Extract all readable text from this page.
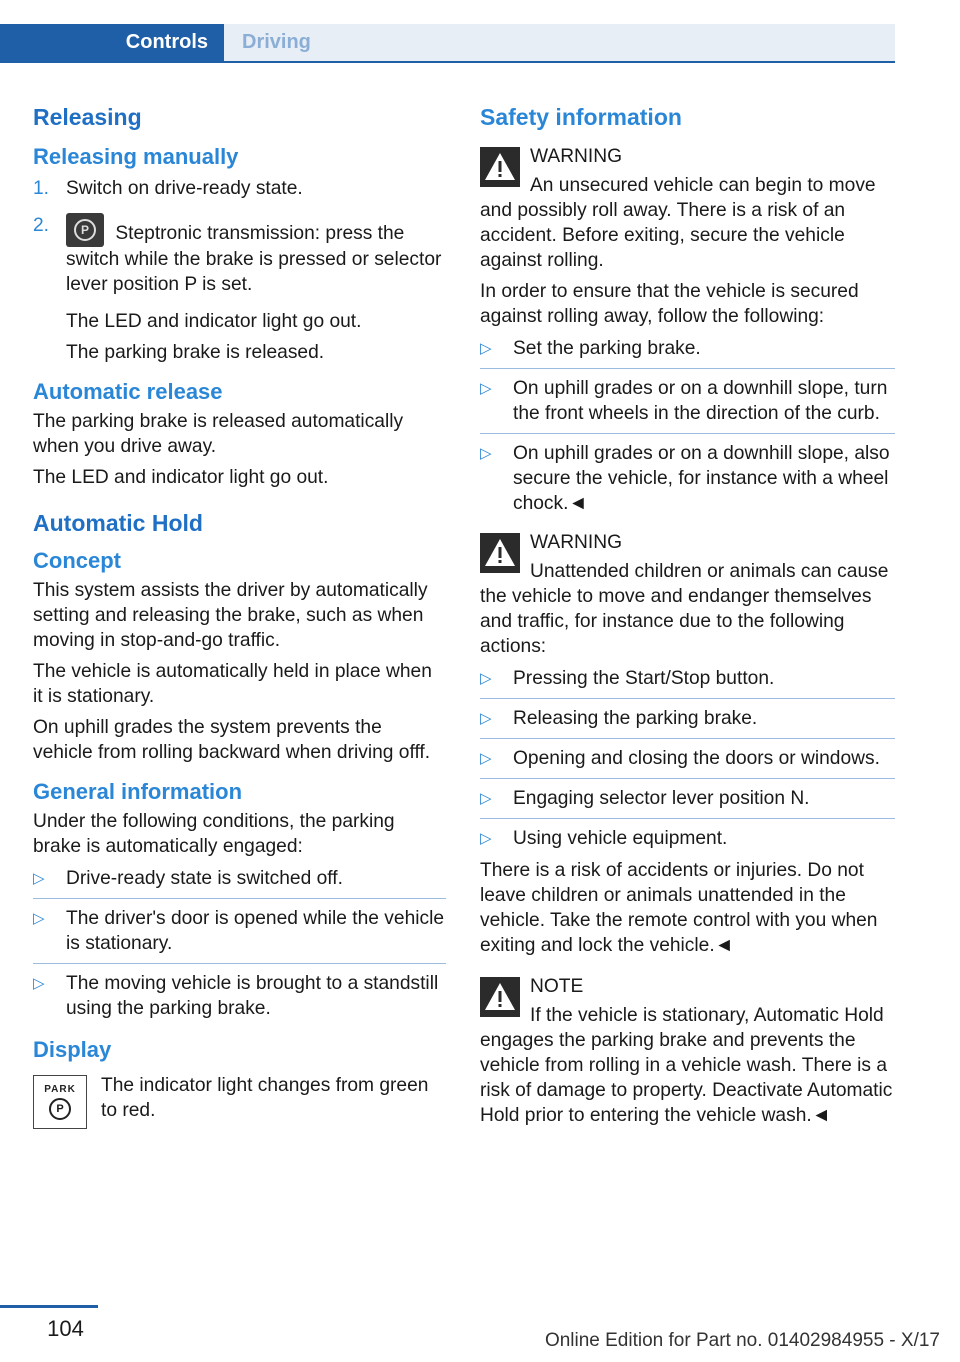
Controls	Driving
Releasing
Releasing manually
1. Switch on drive-ready state.
2.	P	Steptronic transmission: press the switch while the brake is pressed or selector lever position P is set.
The LED and indicator light go out.
The parking brake is released.
Automatic release

The parking brake is released automatically when you drive away.

The LED and indicator light go out.

Automatic Hold
Concept

This system assists the driver by automatically setting and releasing the brake, such as when moving in stop-and-go traffic.

The vehicle is automatically held in place when it is stationary.

On uphill grades the system prevents the vehicle from rolling backward when driving offf.

General information

Under the following conditions, the parking brake is automatically engaged:

▷ Drive-ready state is switched off.
▷ The driver's door is opened while the vehicle is stationary.
▷ The moving vehicle is brought to a standstill using the parking brake.
Display
PARK
P
The indicator light changes from green to red.
Safety information
WARNING
An unsecured vehicle can begin to move and possibly roll away. There is a risk of an accident. Before exiting, secure the vehicle against rolling.

In order to ensure that the vehicle is secured against rolling away, follow the following:

▷ Set the parking brake.
▷ On uphill grades or on a downhill slope, turn the front wheels in the direction of the curb.
▷ On uphill grades or on a downhill slope, also secure the vehicle, for instance with a wheel chock.◄
WARNING
Unattended children or animals can cause the vehicle to move and endanger themselves and traffic, for instance due to the following actions:
▷ Pressing the Start/Stop button.
▷ Releasing the parking brake.
▷ Opening and closing the doors or windows.
▷ Engaging selector lever position N.
▷ Using vehicle equipment.

There is a risk of accidents or injuries. Do not leave children or animals unattended in the vehicle. Take the remote control with you when exiting and lock the vehicle.◄

NOTE
If the vehicle is stationary, Automatic Hold engages the parking brake and prevents the vehicle from rolling in a vehicle wash. There is a risk of damage to property. Deactivate Automatic Hold prior to entering the vehicle wash.◄
104	Online Edition for Part no. 01402984955 - X/17
